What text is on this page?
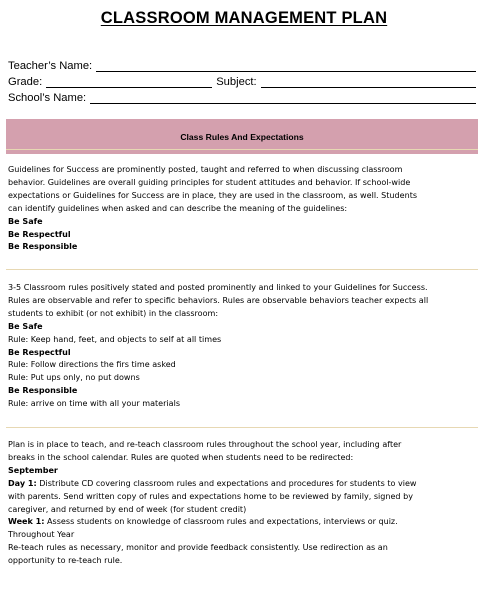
CLASSROOM MANAGEMENT PLAN
Teacher’s Name:
Grade:	Subject:
School’s Name:
Class Rules And Expectations
Guidelines for Success are prominently posted, taught and referred to when discussing classroom
behavior. Guidelines are overall guiding principles for student attitudes and behavior. If school-wide
expectations or Guidelines for Success are in place, they are used in the classroom, as well. Students
can identify guidelines when asked and can describe the meaning of the guidelines:
Be Safe
Be Respectful
Be Responsible
3-5 Classroom rules positively stated and posted prominently and linked to your Guidelines for Success.
Rules are observable and refer to specific behaviors. Rules are observable behaviors teacher expects all
students to exhibit (or not exhibit) in the classroom:
Be Safe
Rule: Keep hand, feet, and objects to self at all times
Be Respectful
Rule: Follow directions the firs time asked
Rule: Put ups only, no put downs
Be Responsible
Rule: arrive on time with all your materials
Plan is in place to teach, and re-teach classroom rules throughout the school year, including after
breaks in the school calendar. Rules are quoted when students need to be redirected:
September
Day 1: Distribute CD covering classroom rules and expectations and procedures for students to view
with parents. Send written copy of rules and expectations home to be reviewed by family, signed by
caregiver, and returned by end of week (for student credit)
Week 1: Assess students on knowledge of classroom rules and expectations, interviews or quiz.
Throughout Year
Re-teach rules as necessary, monitor and provide feedback consistently. Use redirection as an
opportunity to re-teach rule.
